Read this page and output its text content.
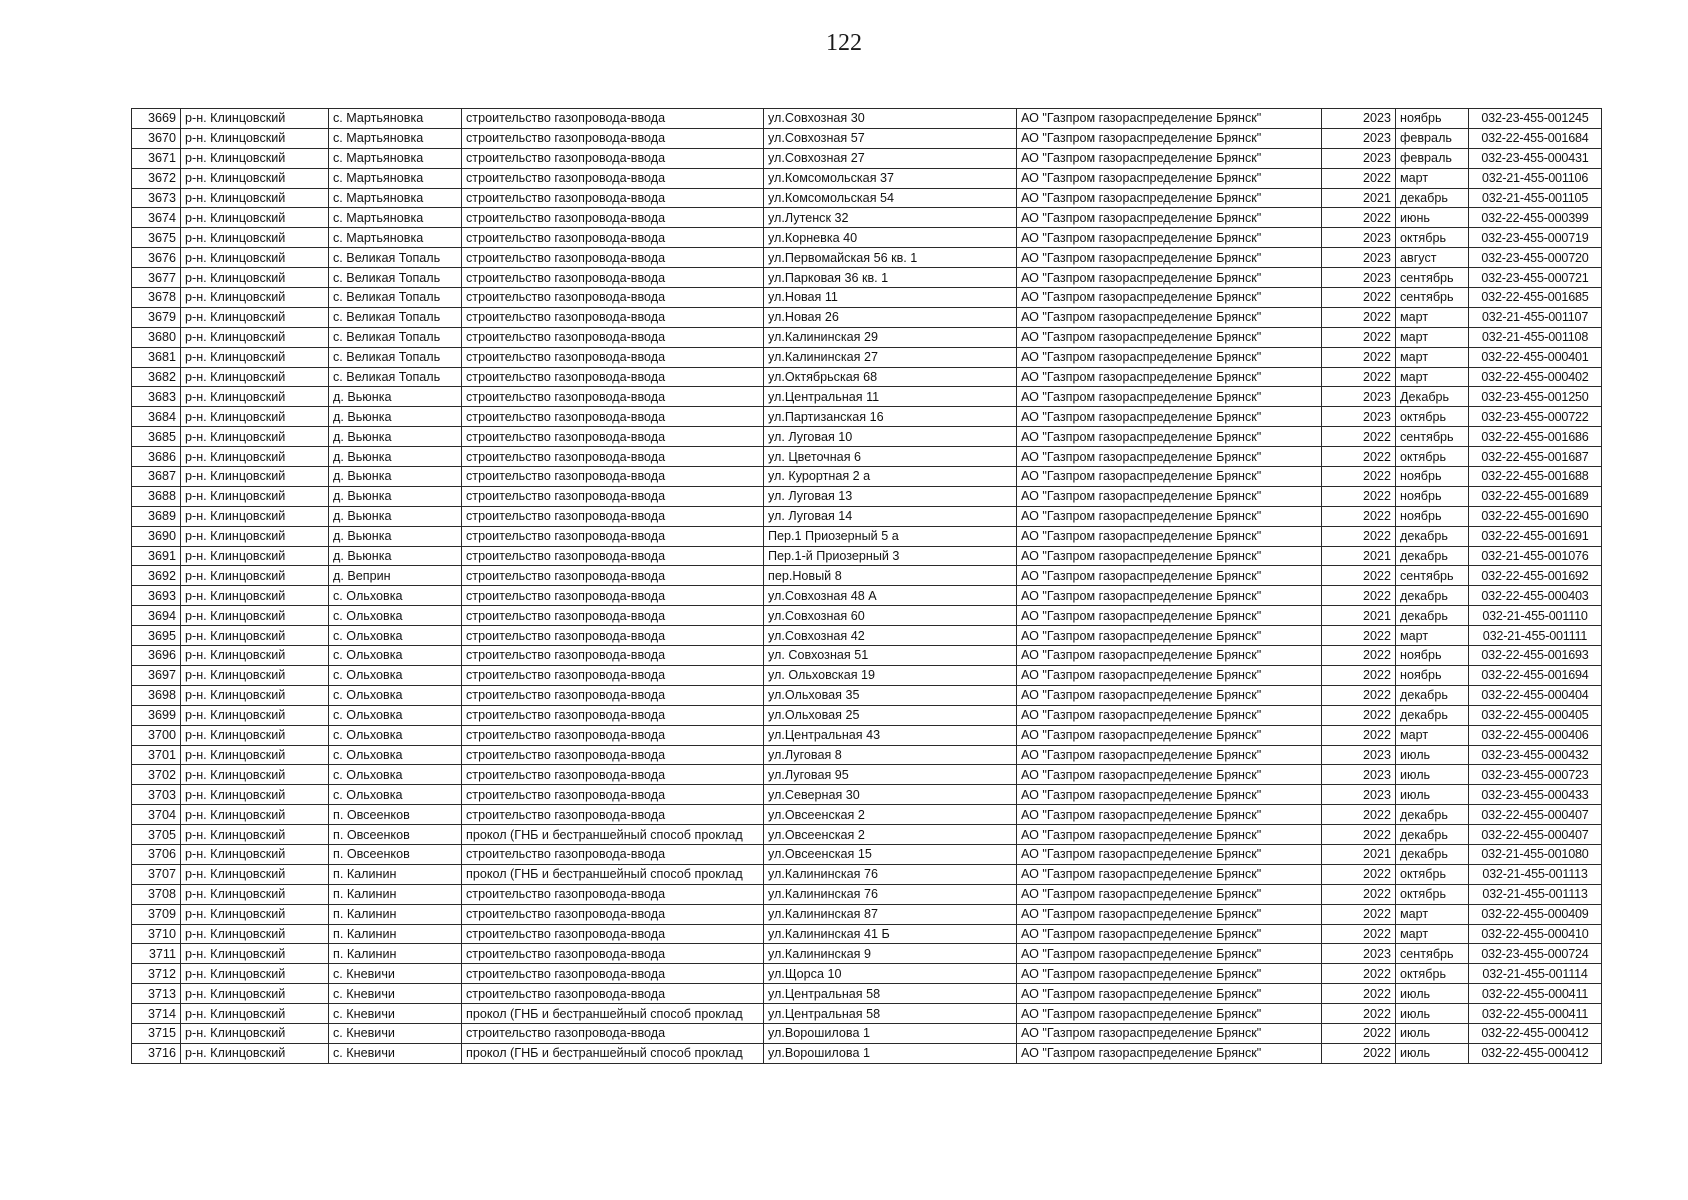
122
3669	р-н. Клинцовский	с. Мартьяновка	строительство газопровода-ввода	ул.Совхозная 30	АО "Газпром газораспределение Брянск"	2023	ноябрь	032-23-455-001245
3670	р-н. Клинцовский	с. Мартьяновка	строительство газопровода-ввода	ул.Совхозная 57	АО "Газпром газораспределение Брянск"	2023	февраль	032-22-455-001684
3671	р-н. Клинцовский	с. Мартьяновка	строительство газопровода-ввода	ул.Совхозная 27	АО "Газпром газораспределение Брянск"	2023	февраль	032-23-455-000431
3672	р-н. Клинцовский	с. Мартьяновка	строительство газопровода-ввода	ул.Комсомольская 37	АО "Газпром газораспределение Брянск"	2022	март	032-21-455-001106
3673	р-н. Клинцовский	с. Мартьяновка	строительство газопровода-ввода	ул.Комсомольская 54	АО "Газпром газораспределение Брянск"	2021	декабрь	032-21-455-001105
3674	р-н. Клинцовский	с. Мартьяновка	строительство газопровода-ввода	ул.Лутенск 32	АО "Газпром газораспределение Брянск"	2022	июнь	032-22-455-000399
3675	р-н. Клинцовский	с. Мартьяновка	строительство газопровода-ввода	ул.Корневка 40	АО "Газпром газораспределение Брянск"	2023	октябрь	032-23-455-000719
3676	р-н. Клинцовский	с. Великая Топаль	строительство газопровода-ввода	ул.Первомайская 56 кв. 1	АО "Газпром газораспределение Брянск"	2023	август	032-23-455-000720
3677	р-н. Клинцовский	с. Великая Топаль	строительство газопровода-ввода	ул.Парковая 36 кв. 1	АО "Газпром газораспределение Брянск"	2023	сентябрь	032-23-455-000721
3678	р-н. Клинцовский	с. Великая Топаль	строительство газопровода-ввода	ул.Новая 11	АО "Газпром газораспределение Брянск"	2022	сентябрь	032-22-455-001685
3679	р-н. Клинцовский	с. Великая Топаль	строительство газопровода-ввода	ул.Новая 26	АО "Газпром газораспределение Брянск"	2022	март	032-21-455-001107
3680	р-н. Клинцовский	с. Великая Топаль	строительство газопровода-ввода	ул.Калининская 29	АО "Газпром газораспределение Брянск"	2022	март	032-21-455-001108
3681	р-н. Клинцовский	с. Великая Топаль	строительство газопровода-ввода	ул.Калининская 27	АО "Газпром газораспределение Брянск"	2022	март	032-22-455-000401
3682	р-н. Клинцовский	с. Великая Топаль	строительство газопровода-ввода	ул.Октябрьская 68	АО "Газпром газораспределение Брянск"	2022	март	032-22-455-000402
3683	р-н. Клинцовский	д. Вьюнка	строительство газопровода-ввода	ул.Центральная 11	АО "Газпром газораспределение Брянск"	2023	Декабрь	032-23-455-001250
3684	р-н. Клинцовский	д. Вьюнка	строительство газопровода-ввода	ул.Партизанская 16	АО "Газпром газораспределение Брянск"	2023	октябрь	032-23-455-000722
3685	р-н. Клинцовский	д. Вьюнка	строительство газопровода-ввода	ул. Луговая 10	АО "Газпром газораспределение Брянск"	2022	сентябрь	032-22-455-001686
3686	р-н. Клинцовский	д. Вьюнка	строительство газопровода-ввода	ул. Цветочная 6	АО "Газпром газораспределение Брянск"	2022	октябрь	032-22-455-001687
3687	р-н. Клинцовский	д. Вьюнка	строительство газопровода-ввода	ул. Курортная 2 а	АО "Газпром газораспределение Брянск"	2022	ноябрь	032-22-455-001688
3688	р-н. Клинцовский	д. Вьюнка	строительство газопровода-ввода	ул. Луговая 13	АО "Газпром газораспределение Брянск"	2022	ноябрь	032-22-455-001689
3689	р-н. Клинцовский	д. Вьюнка	строительство газопровода-ввода	ул. Луговая 14	АО "Газпром газораспределение Брянск"	2022	ноябрь	032-22-455-001690
3690	р-н. Клинцовский	д. Вьюнка	строительство газопровода-ввода	Пер.1 Приозерный 5 а	АО "Газпром газораспределение Брянск"	2022	декабрь	032-22-455-001691
3691	р-н. Клинцовский	д. Вьюнка	строительство газопровода-ввода	Пер.1-й Приозерный 3	АО "Газпром газораспределение Брянск"	2021	декабрь	032-21-455-001076
3692	р-н. Клинцовский	д. Веприн	строительство газопровода-ввода	пер.Новый 8	АО "Газпром газораспределение Брянск"	2022	сентябрь	032-22-455-001692
3693	р-н. Клинцовский	с. Ольховка	строительство газопровода-ввода	ул.Совхозная 48 А	АО "Газпром газораспределение Брянск"	2022	декабрь	032-22-455-000403
3694	р-н. Клинцовский	с. Ольховка	строительство газопровода-ввода	ул.Совхозная 60	АО "Газпром газораспределение Брянск"	2021	декабрь	032-21-455-001110
3695	р-н. Клинцовский	с. Ольховка	строительство газопровода-ввода	ул.Совхозная 42	АО "Газпром газораспределение Брянск"	2022	март	032-21-455-001111
3696	р-н. Клинцовский	с. Ольховка	строительство газопровода-ввода	ул. Совхозная 51	АО "Газпром газораспределение Брянск"	2022	ноябрь	032-22-455-001693
3697	р-н. Клинцовский	с. Ольховка	строительство газопровода-ввода	ул. Ольховская 19	АО "Газпром газораспределение Брянск"	2022	ноябрь	032-22-455-001694
3698	р-н. Клинцовский	с. Ольховка	строительство газопровода-ввода	ул.Ольховая 35	АО "Газпром газораспределение Брянск"	2022	декабрь	032-22-455-000404
3699	р-н. Клинцовский	с. Ольховка	строительство газопровода-ввода	ул.Ольховая 25	АО "Газпром газораспределение Брянск"	2022	декабрь	032-22-455-000405
3700	р-н. Клинцовский	с. Ольховка	строительство газопровода-ввода	ул.Центральная 43	АО "Газпром газораспределение Брянск"	2022	март	032-22-455-000406
3701	р-н. Клинцовский	с. Ольховка	строительство газопровода-ввода	ул.Луговая 8	АО "Газпром газораспределение Брянск"	2023	июль	032-23-455-000432
3702	р-н. Клинцовский	с. Ольховка	строительство газопровода-ввода	ул.Луговая 95	АО "Газпром газораспределение Брянск"	2023	июль	032-23-455-000723
3703	р-н. Клинцовский	с. Ольховка	строительство газопровода-ввода	ул.Северная 30	АО "Газпром газораспределение Брянск"	2023	июль	032-23-455-000433
3704	р-н. Клинцовский	п. Овсеенков	строительство газопровода-ввода	ул.Овсеенская 2	АО "Газпром газораспределение Брянск"	2022	декабрь	032-22-455-000407
3705	р-н. Клинцовский	п. Овсеенков	прокол (ГНБ и бестраншейный способ проклад	ул.Овсеенская 2	АО "Газпром газораспределение Брянск"	2022	декабрь	032-22-455-000407
3706	р-н. Клинцовский	п. Овсеенков	строительство газопровода-ввода	ул.Овсеенская 15	АО "Газпром газораспределение Брянск"	2021	декабрь	032-21-455-001080
3707	р-н. Клинцовский	п. Калинин	прокол (ГНБ и бестраншейный способ проклад	ул.Калининская 76	АО "Газпром газораспределение Брянск"	2022	октябрь	032-21-455-001113
3708	р-н. Клинцовский	п. Калинин	строительство газопровода-ввода	ул.Калининская 76	АО "Газпром газораспределение Брянск"	2022	октябрь	032-21-455-001113
3709	р-н. Клинцовский	п. Калинин	строительство газопровода-ввода	ул.Калининская 87	АО "Газпром газораспределение Брянск"	2022	март	032-22-455-000409
3710	р-н. Клинцовский	п. Калинин	строительство газопровода-ввода	ул.Калининская 41 Б	АО "Газпром газораспределение Брянск"	2022	март	032-22-455-000410
3711	р-н. Клинцовский	п. Калинин	строительство газопровода-ввода	ул.Калининская 9	АО "Газпром газораспределение Брянск"	2023	сентябрь	032-23-455-000724
3712	р-н. Клинцовский	с. Кневичи	строительство газопровода-ввода	ул.Щорса 10	АО "Газпром газораспределение Брянск"	2022	октябрь	032-21-455-001114
3713	р-н. Клинцовский	с. Кневичи	строительство газопровода-ввода	ул.Центральная 58	АО "Газпром газораспределение Брянск"	2022	июль	032-22-455-000411
3714	р-н. Клинцовский	с. Кневичи	прокол (ГНБ и бестраншейный способ проклад	ул.Центральная 58	АО "Газпром газораспределение Брянск"	2022	июль	032-22-455-000411
3715	р-н. Клинцовский	с. Кневичи	строительство газопровода-ввода	ул.Ворошилова 1	АО "Газпром газораспределение Брянск"	2022	июль	032-22-455-000412
3716	р-н. Клинцовский	с. Кневичи	прокол (ГНБ и бестраншейный способ проклад	ул.Ворошилова 1	АО "Газпром газораспределение Брянск"	2022	июль	032-22-455-000412
